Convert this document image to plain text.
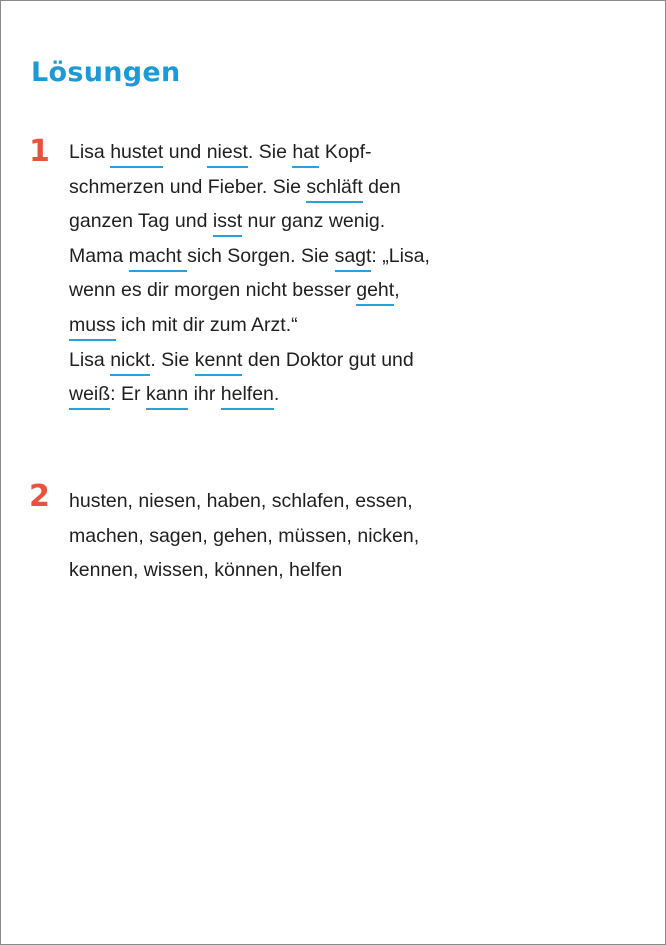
Lösungen
1 Lisa hustet und niest. Sie hat Kopf-
schmerzen und Fieber. Sie schläft den
ganzen Tag und isst nur ganz wenig.
Mama macht sich Sorgen. Sie sagt: „Lisa,
wenn es dir morgen nicht besser geht,
muss ich mit dir zum Arzt.“
Lisa nickt. Sie kennt den Doktor gut und
weiß: Er kann ihr helfen.
2 husten, niesen, haben, schlafen, essen,
machen, sagen, gehen, müssen, nicken,
kennen, wissen, können, helfen
